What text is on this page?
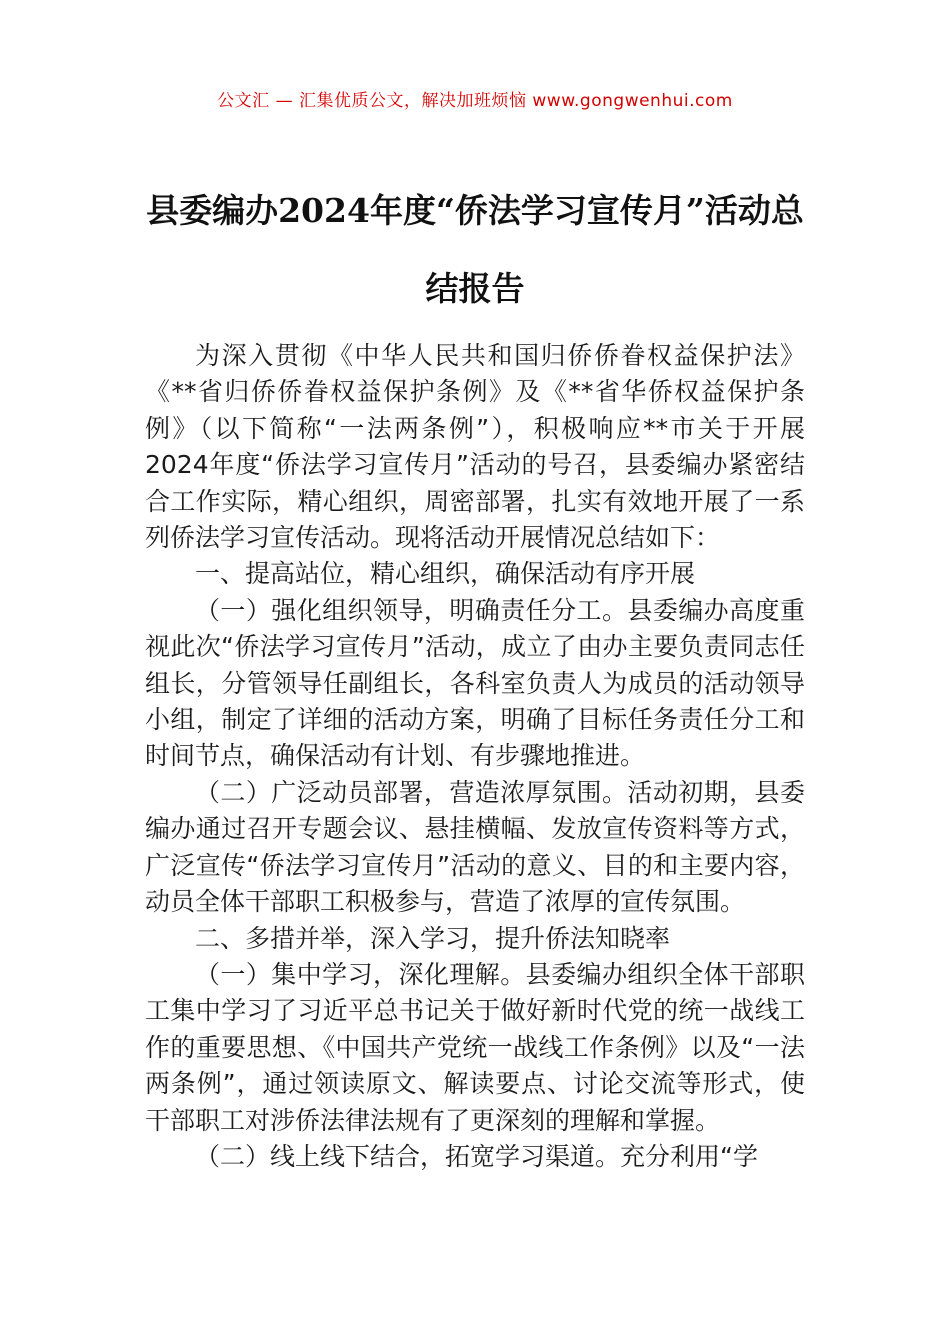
公文汇 — 汇集优质公文，解决加班烦恼 www.gongwenhui.com
县委编办2024年度“侨法学习宣传月”活动总结报告

为深入贯彻《中华人民共和国归侨侨眷权益保护法》《**省归侨侨眷权益保护条例》及《**省华侨权益保护条例》（以下简称“一法两条例”），积极响应**市关于开展2024年度“侨法学习宣传月”活动的号召，县委编办紧密结合工作实际，精心组织，周密部署，扎实有效地开展了一系列侨法学习宣传活动。现将活动开展情况总结如下：

一、提高站位，精心组织，确保活动有序开展

（一）强化组织领导，明确责任分工。县委编办高度重视此次“侨法学习宣传月”活动，成立了由办主要负责同志任组长，分管领导任副组长，各科室负责人为成员的活动领导小组，制定了详细的活动方案，明确了目标任务责任分工和时间节点，确保活动有计划、有步骤地推进。

（二）广泛动员部署，营造浓厚氛围。活动初期，县委编办通过召开专题会议、悬挂横幅、发放宣传资料等方式，广泛宣传“侨法学习宣传月”活动的意义、目的和主要内容，动员全体干部职工积极参与，营造了浓厚的宣传氛围。

二、多措并举，深入学习，提升侨法知晓率

（一）集中学习，深化理解。县委编办组织全体干部职工集中学习了习近平总书记关于做好新时代党的统一战线工作的重要思想、《中国共产党统一战线工作条例》以及“一法两条例”，通过领读原文、解读要点、讨论交流等形式，使干部职工对涉侨法律法规有了更深刻的理解和掌握。

（二）线上线下结合，拓宽学习渠道。充分利用“学
